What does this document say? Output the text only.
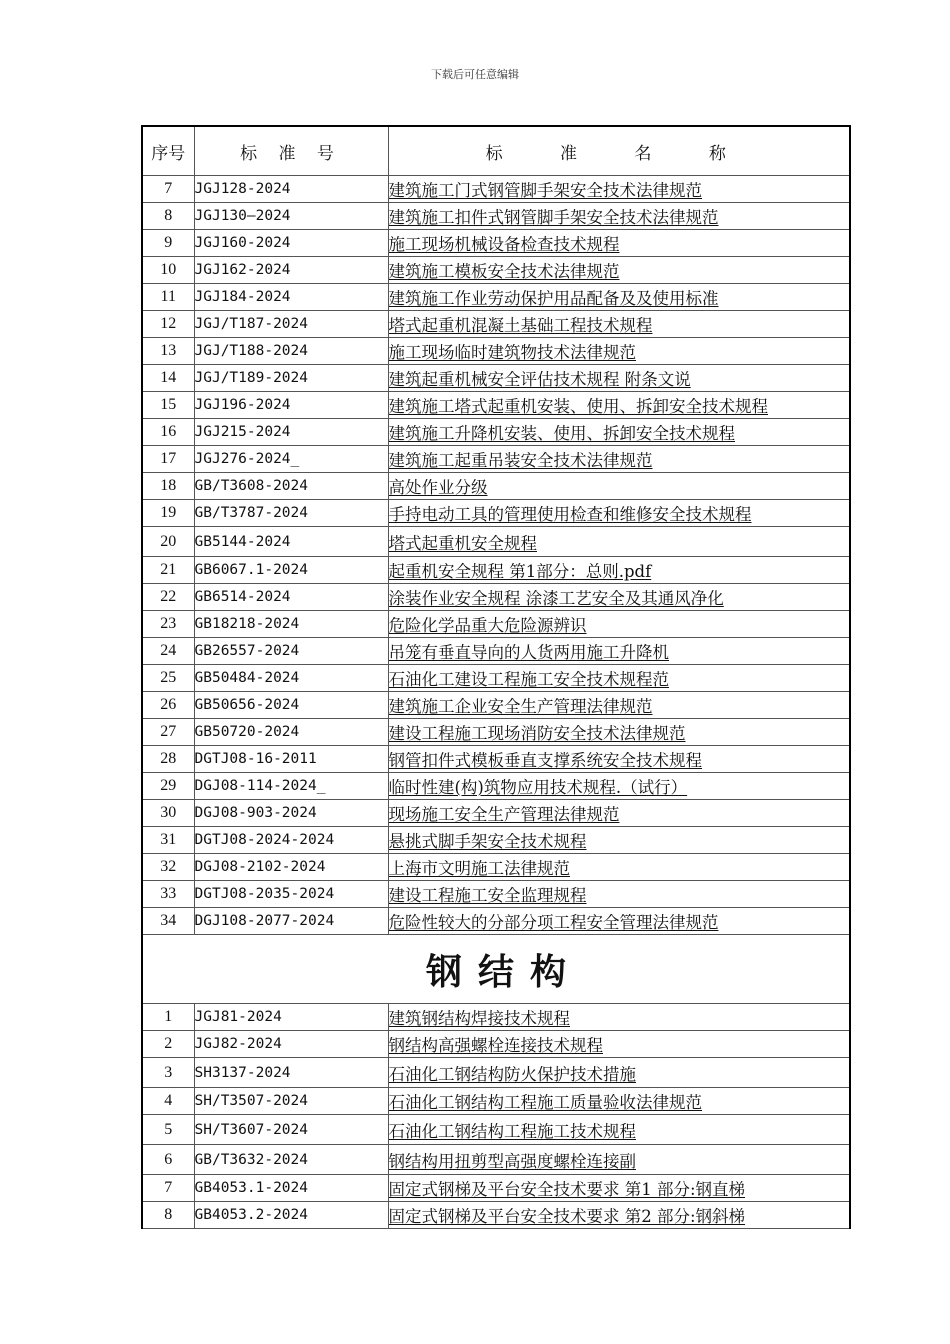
下载后可任意编辑
序号	标 准 号	标 准 名 称
7	JGJ128-2024	建筑施工门式钢管脚手架安全技术法律规范
8	JGJ130—2024	建筑施工扣件式钢管脚手架安全技术法律规范
9	JGJ160-2024	施工现场机械设备检查技术规程
10	JGJ162-2024	建筑施工模板安全技术法律规范
11	JGJ184-2024	建筑施工作业劳动保护用品配备及及使用标准
12	JGJ/T187-2024	塔式起重机混凝土基础工程技术规程
13	JGJ/T188-2024	施工现场临时建筑物技术法律规范
14	JGJ/T189-2024	建筑起重机械安全评估技术规程 附条文说
15	JGJ196-2024	建筑施工塔式起重机安装、使用、拆卸安全技术规程
16	JGJ215-2024	建筑施工升降机安装、使用、拆卸安全技术规程
17	JGJ276-2024_	建筑施工起重吊装安全技术法律规范
18	GB/T3608-2024	高处作业分级
19	GB/T3787-2024	手持电动工具的管理使用检查和维修安全技术规程
20	GB5144-2024	塔式起重机安全规程
21	GB6067.1-2024	起重机安全规程 第1部分：总则.pdf
22	GB6514-2024	涂装作业安全规程 涂漆工艺安全及其通风净化
23	GB18218-2024	危险化学品重大危险源辨识
24	GB26557-2024	吊笼有垂直导向的人货两用施工升降机
25	GB50484-2024	石油化工建设工程施工安全技术规程范
26	GB50656-2024	建筑施工企业安全生产管理法律规范
27	GB50720-2024	建设工程施工现场消防安全技术法律规范
28	DGTJ08-16-2011	钢管扣件式模板垂直支撑系统安全技术规程
29	DGJ08-114-2024_	临时性建(构)筑物应用技术规程.（试行）
30	DGJ08-903-2024	现场施工安全生产管理法律规范
31	DGTJ08-2024-2024	悬挑式脚手架安全技术规程
32	DGJ08-2102-2024	上海市文明施工法律规范
33	DGTJ08-2035-2024	建设工程施工安全监理规程
34	DGJ108-2077-2024	危险性较大的分部分项工程安全管理法律规范
钢结构		
1	JGJ81-2024	建筑钢结构焊接技术规程
2	JGJ82-2024	钢结构高强螺栓连接技术规程
3	SH3137-2024	石油化工钢结构防火保护技术措施
4	SH/T3507-2024	石油化工钢结构工程施工质量验收法律规范
5	SH/T3607-2024	石油化工钢结构工程施工技术规程
6	GB/T3632-2024	钢结构用扭剪型高强度螺栓连接副
7	GB4053.1-2024	固定式钢梯及平台安全技术要求 第1 部分:钢直梯
8	GB4053.2-2024	固定式钢梯及平台安全技术要求 第2 部分:钢斜梯
